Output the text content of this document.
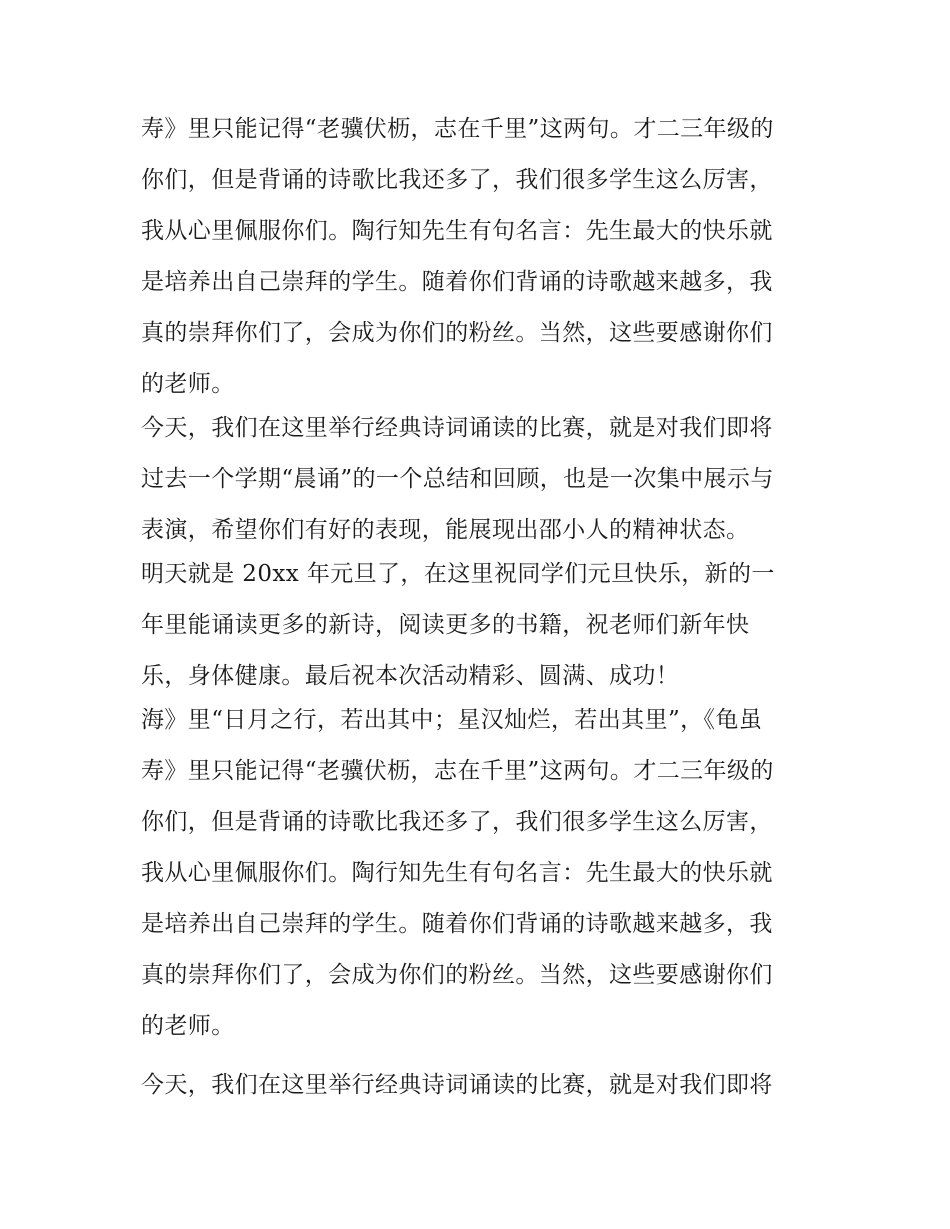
寿》里只能记得“老骥伏枥，志在千里”这两句。才二三年级的
你们，但是背诵的诗歌比我还多了，我们很多学生这么厉害，
我从心里佩服你们。陶行知先生有句名言：先生最大的快乐就
是培养出自己崇拜的学生。随着你们背诵的诗歌越来越多，我
真的崇拜你们了，会成为你们的粉丝。当然，这些要感谢你们
的老师。
今天，我们在这里举行经典诗词诵读的比赛，就是对我们即将
过去一个学期“晨诵”的一个总结和回顾，也是一次集中展示与
表演，希望你们有好的表现，能展现出邵小人的精神状态。
明天就是 20xx 年元旦了，在这里祝同学们元旦快乐，新的一
年里能诵读更多的新诗，阅读更多的书籍，祝老师们新年快
乐，身体健康。最后祝本次活动精彩、圆满、成功！
海》里“日月之行，若出其中；星汉灿烂，若出其里”，《龟虽
寿》里只能记得“老骥伏枥，志在千里”这两句。才二三年级的
你们，但是背诵的诗歌比我还多了，我们很多学生这么厉害，
我从心里佩服你们。陶行知先生有句名言：先生最大的快乐就
是培养出自己崇拜的学生。随着你们背诵的诗歌越来越多，我
真的崇拜你们了，会成为你们的粉丝。当然，这些要感谢你们
的老师。
今天，我们在这里举行经典诗词诵读的比赛，就是对我们即将
